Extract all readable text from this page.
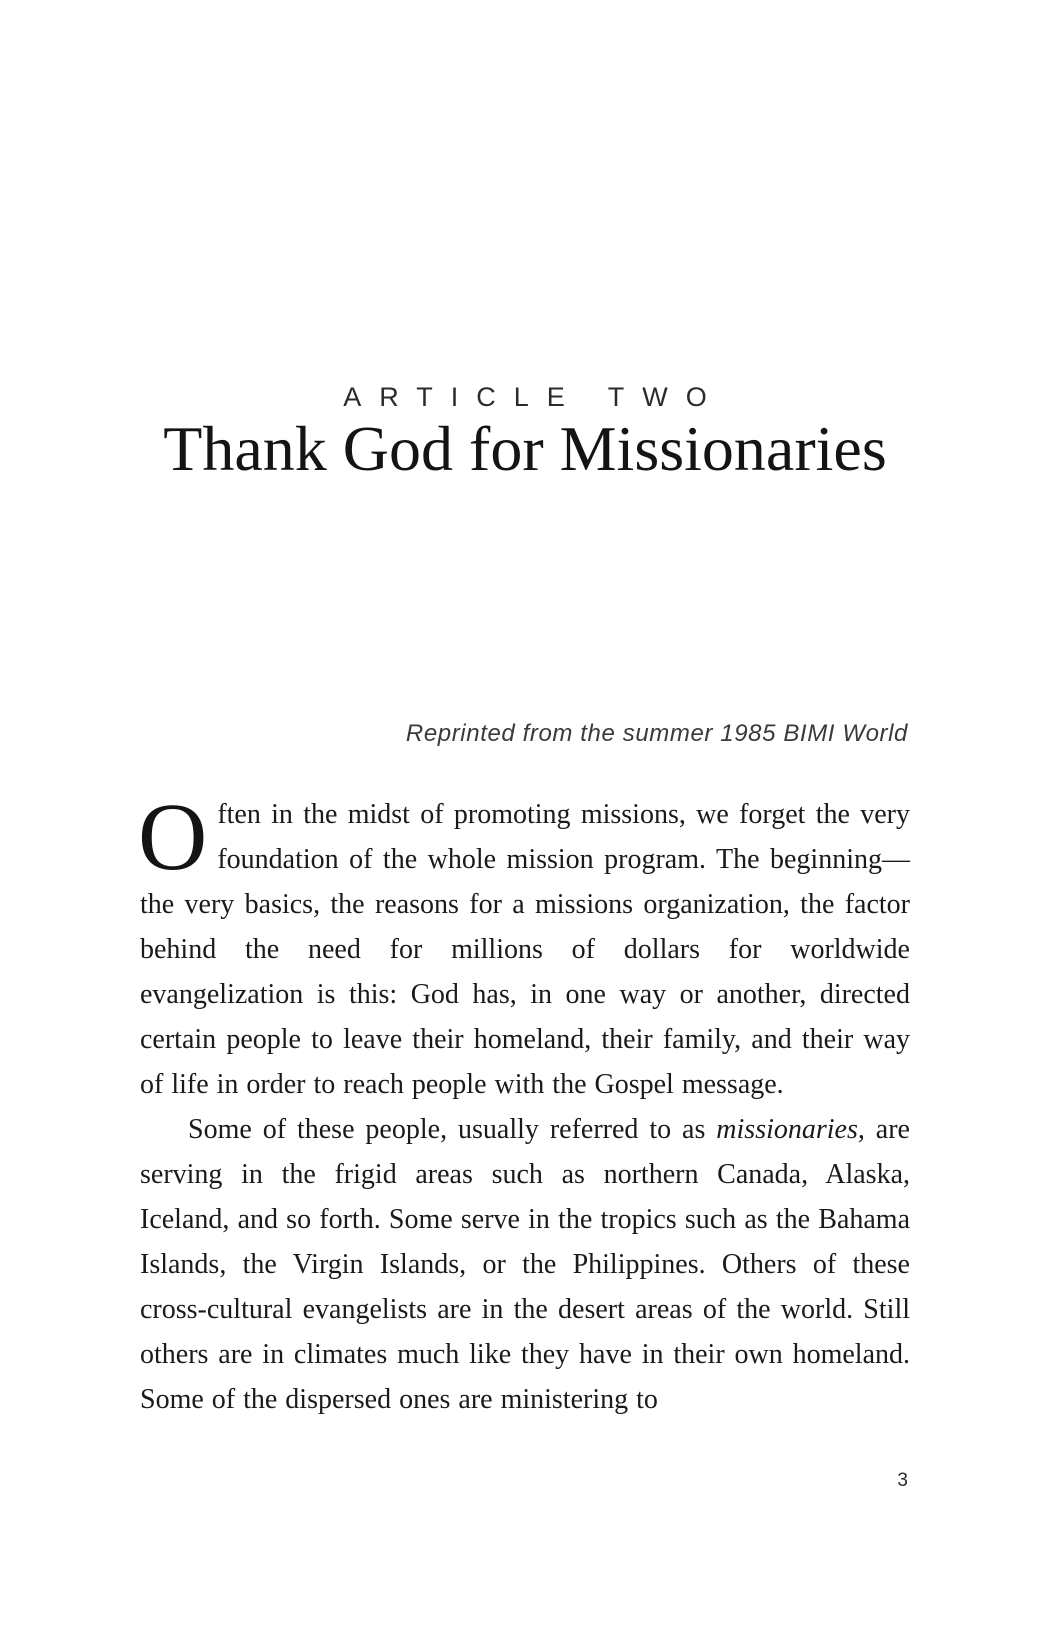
ARTICLE TWO
Thank God for Missionaries
Reprinted from the summer 1985 BIMI World

Often in the midst of promoting missions, we forget the very foundation of the whole mission program. The beginning—the very basics, the reasons for a missions organization, the factor behind the need for millions of dollars for worldwide evangelization is this: God has, in one way or another, directed certain people to leave their homeland, their family, and their way of life in order to reach people with the Gospel message.

Some of these people, usually referred to as missionaries, are serving in the frigid areas such as northern Canada, Alaska, Iceland, and so forth. Some serve in the tropics such as the Bahama Islands, the Virgin Islands, or the Philippines. Others of these cross-cultural evangelists are in the desert areas of the world. Still others are in climates much like they have in their own homeland. Some of the dispersed ones are ministering to

3
